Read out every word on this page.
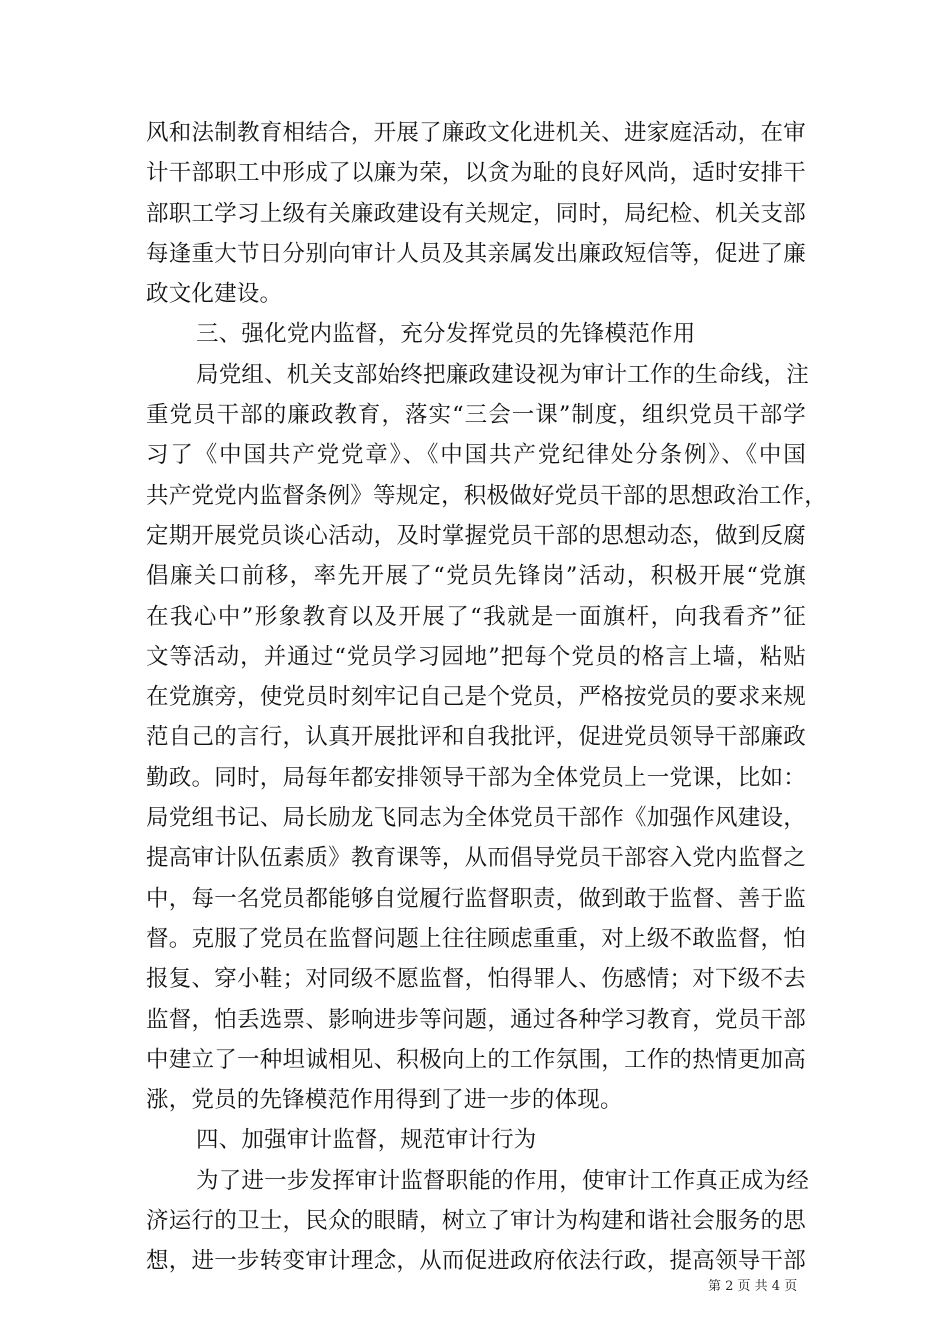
风和法制教育相结合，开展了廉政文化进机关、进家庭活动，在审
计干部职工中形成了以廉为荣，以贪为耻的良好风尚，适时安排干
部职工学习上级有关廉政建设有关规定，同时，局纪检、机关支部
每逢重大节日分别向审计人员及其亲属发出廉政短信等，促进了廉
政文化建设。
三、强化党内监督，充分发挥党员的先锋模范作用
局党组、机关支部始终把廉政建设视为审计工作的生命线，注
重党员干部的廉政教育，落实“三会一课”制度，组织党员干部学
习了《中国共产党党章》、《中国共产党纪律处分条例》、《中国
共产党党内监督条例》等规定，积极做好党员干部的思想政治工作，
定期开展党员谈心活动，及时掌握党员干部的思想动态，做到反腐
倡廉关口前移，率先开展了“党员先锋岗”活动，积极开展“党旗
在我心中”形象教育以及开展了“我就是一面旗杆，向我看齐”征
文等活动，并通过“党员学习园地”把每个党员的格言上墙，粘贴
在党旗旁，使党员时刻牢记自己是个党员，严格按党员的要求来规
范自己的言行，认真开展批评和自我批评，促进党员领导干部廉政
勤政。同时，局每年都安排领导干部为全体党员上一党课，比如：
局党组书记、局长励龙飞同志为全体党员干部作《加强作风建设，
提高审计队伍素质》教育课等，从而倡导党员干部容入党内监督之
中，每一名党员都能够自觉履行监督职责，做到敢于监督、善于监
督。克服了党员在监督问题上往往顾虑重重，对上级不敢监督，怕
报复、穿小鞋；对同级不愿监督，怕得罪人、伤感情；对下级不去
监督，怕丢选票、影响进步等问题，通过各种学习教育，党员干部
中建立了一种坦诚相见、积极向上的工作氛围，工作的热情更加高
涨，党员的先锋模范作用得到了进一步的体现。
四、加强审计监督，规范审计行为
为了进一步发挥审计监督职能的作用，使审计工作真正成为经
济运行的卫士，民众的眼睛，树立了审计为构建和谐社会服务的思
想，进一步转变审计理念，从而促进政府依法行政，提高领导干部
第 2 页 共 4 页
